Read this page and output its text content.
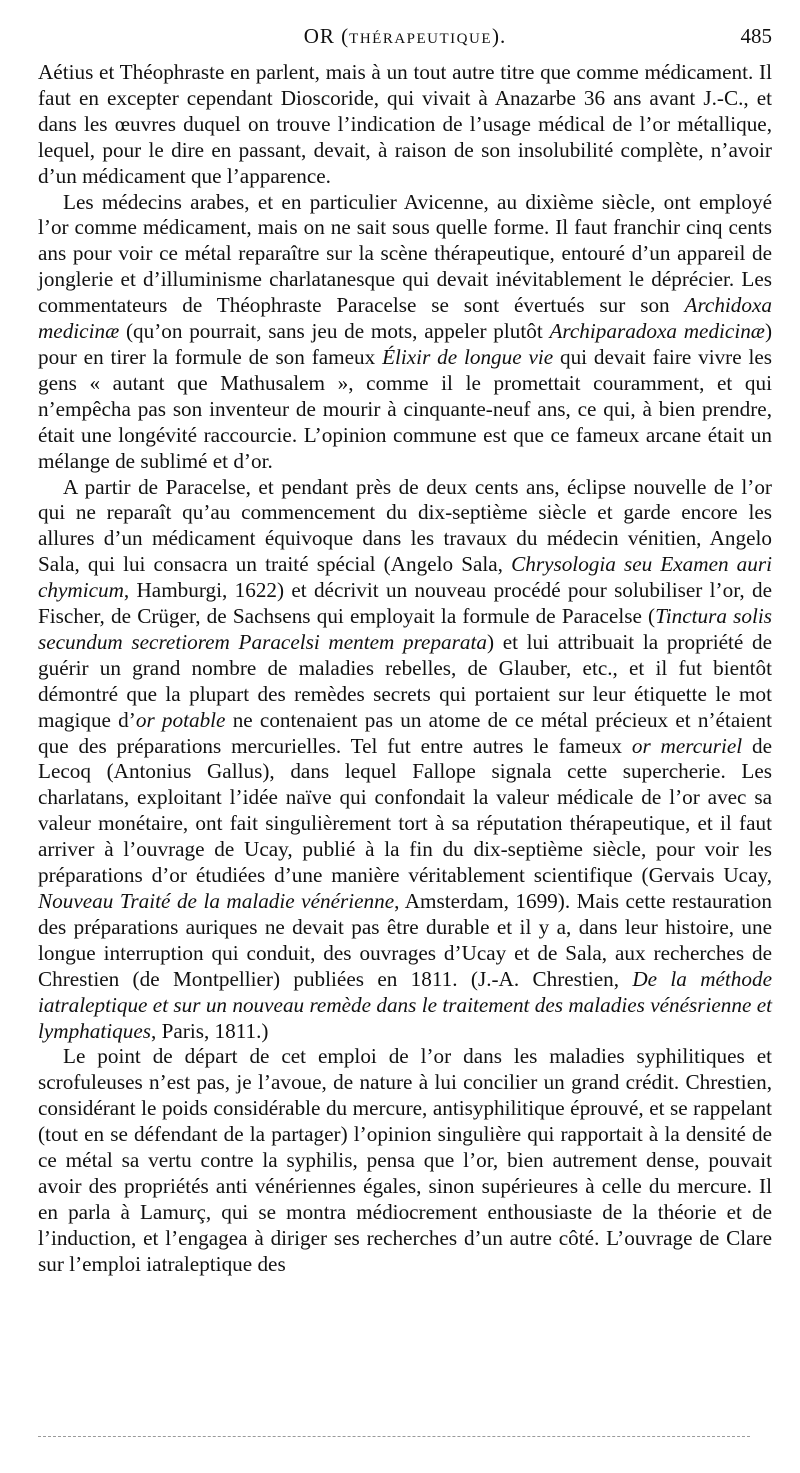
OR (THÉRAPEUTIQUE).	485

Aétius et Théophraste en parlent, mais à un tout autre titre que comme médicament. Il faut en excepter cependant Dioscoride, qui vivait à Anazarbe 36 ans avant J.-C., et dans les œuvres duquel on trouve l’indication de l’usage médical de l’or métallique, lequel, pour le dire en passant, devait, à raison de son insolubilité complète, n’avoir d’un médicament que l’apparence.

Les médecins arabes, et en particulier Avicenne, au dixième siècle, ont employé l’or comme médicament, mais on ne sait sous quelle forme. Il faut franchir cinq cents ans pour voir ce métal reparaître sur la scène thérapeutique, entouré d’un appareil de jonglerie et d’illuminisme charlatanesque qui devait inévitablement le déprécier. Les commentateurs de Théophraste Paracelse se sont évertués sur son Archidoxa medicinæ (qu’on pourrait, sans jeu de mots, appeler plutôt Archiparadoxa medicinæ) pour en tirer la formule de son fameux Élixir de longue vie qui devait faire vivre les gens « autant que Mathusalem », comme il le promettait couramment, et qui n’empêcha pas son inventeur de mourir à cinquante-neuf ans, ce qui, à bien prendre, était une longévité raccourcie. L’opinion commune est que ce fameux arcane était un mélange de sublimé et d’or.

A partir de Paracelse, et pendant près de deux cents ans, éclipse nouvelle de l’or qui ne reparaît qu’au commencement du dix-septième siècle et garde encore les allures d’un médicament équivoque dans les travaux du médecin vénitien, Angelo Sala, qui lui consacra un traité spécial (Angelo Sala, Chrysologia seu Examen auri chymicum, Hamburgi, 1622) et décrivit un nouveau procédé pour solubiliser l’or, de Fischer, de Crüger, de Sachsens qui employait la formule de Paracelse (Tinctura solis secundum secretiorem Paracelsi mentem preparata) et lui attribuait la propriété de guérir un grand nombre de maladies rebelles, de Glauber, etc., et il fut bientôt démontré que la plupart des remèdes secrets qui portaient sur leur étiquette le mot magique d’or potable ne contenaient pas un atome de ce métal précieux et n’étaient que des préparations mercurielles. Tel fut entre autres le fameux or mercuriel de Lecoq (Antonius Gallus), dans lequel Fallope signala cette supercherie. Les charlatans, exploitant l’idée naïve qui confondait la valeur médicale de l’or avec sa valeur monétaire, ont fait singulièrement tort à sa réputation thérapeutique, et il faut arriver à l’ouvrage de Ucay, publié à la fin du dix-septième siècle, pour voir les préparations d’or étudiées d’une manière véritablement scientifique (Gervais Ucay, Nouveau Traité de la maladie vénérienne, Amsterdam, 1699). Mais cette restauration des préparations auriques ne devait pas être durable et il y a, dans leur histoire, une longue interruption qui conduit, des ouvrages d’Ucay et de Sala, aux recherches de Chrestien (de Montpellier) publiées en 1811. (J.-A. Chrestien, De la méthode iatraleptique et sur un nouveau remède dans le traitement des maladies vénésrienne et lymphatiques, Paris, 1811.)

Le point de départ de cet emploi de l’or dans les maladies syphilitiques et scrofuleuses n’est pas, je l’avoue, de nature à lui concilier un grand crédit. Chrestien, considérant le poids considérable du mercure, antisyphilitique éprouvé, et se rappelant (tout en se défendant de la partager) l’opinion singulière qui rapportait à la densité de ce métal sa vertu contre la syphilis, pensa que l’or, bien autrement dense, pouvait avoir des propriétés anti vénériennes égales, sinon supérieures à celle du mercure. Il en parla à Lamurç, qui se montra médiocrement enthousiaste de la théorie et de l’induction, et l’engagea à diriger ses recherches d’un autre côté. L’ouvrage de Clare sur l’emploi iatraleptique des
